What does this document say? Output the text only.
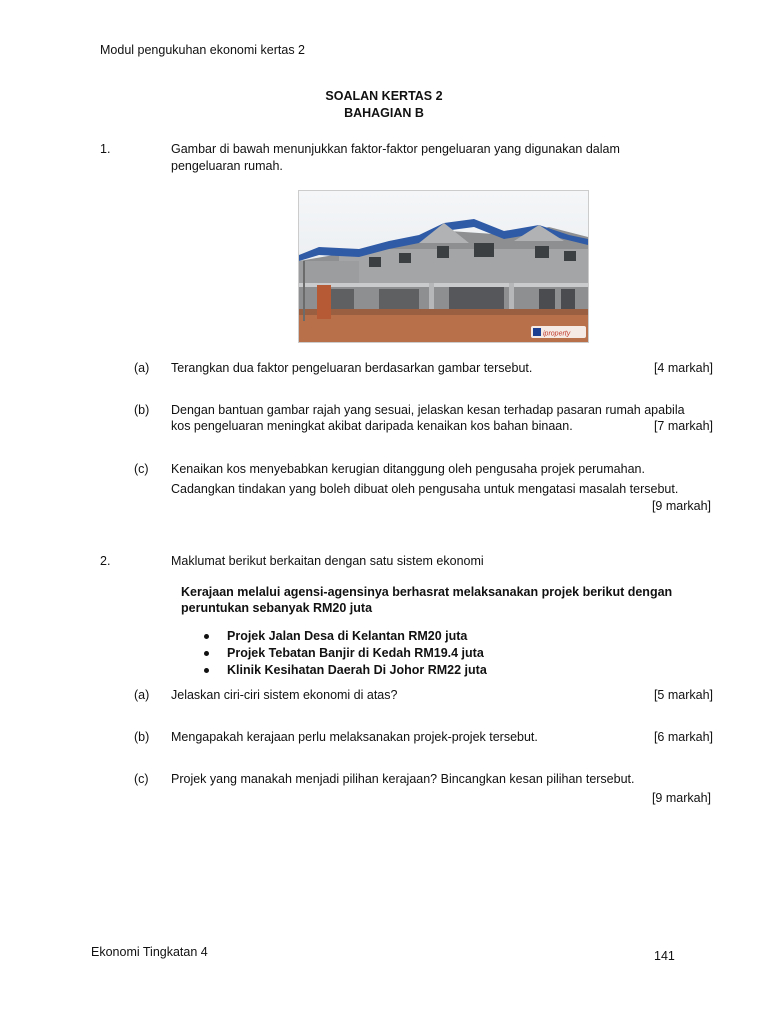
Modul pengukuhan ekonomi kertas 2
SOALAN KERTAS 2
BAHAGIAN B
1.	Gambar di bawah menunjukkan faktor-faktor pengeluaran yang digunakan dalam
pengeluaran rumah.
iproperty
(a) Terangkan dua faktor pengeluaran berdasarkan gambar tersebut.	[4 markah]
(b) Dengan bantuan gambar rajah yang sesuai, jelaskan kesan terhadap pasaran rumah apabila
kos pengeluaran meningkat akibat daripada kenaikan kos bahan binaan.	[7 markah]
(c) Kenaikan kos menyebabkan kerugian ditanggung oleh pengusaha projek perumahan.
Cadangkan tindakan yang boleh dibuat oleh pengusaha untuk mengatasi masalah tersebut.
[9 markah]
2.	Maklumat berikut berkaitan dengan satu sistem ekonomi
Kerajaan melalui agensi-agensinya berhasrat melaksanakan projek berikut dengan
peruntukan sebanyak RM20 juta
Projek Jalan Desa di Kelantan RM20 juta
Projek Tebatan Banjir di Kedah RM19.4 juta
Klinik Kesihatan Daerah Di Johor RM22 juta
(a) Jelaskan ciri-ciri sistem ekonomi di atas?	[5 markah]
(b) Mengapakah kerajaan perlu melaksanakan projek-projek tersebut.	[6 markah]
(c) Projek yang manakah menjadi pilihan kerajaan? Bincangkan kesan pilihan tersebut.
[9 markah]
Ekonomi Tingkatan 4	141
